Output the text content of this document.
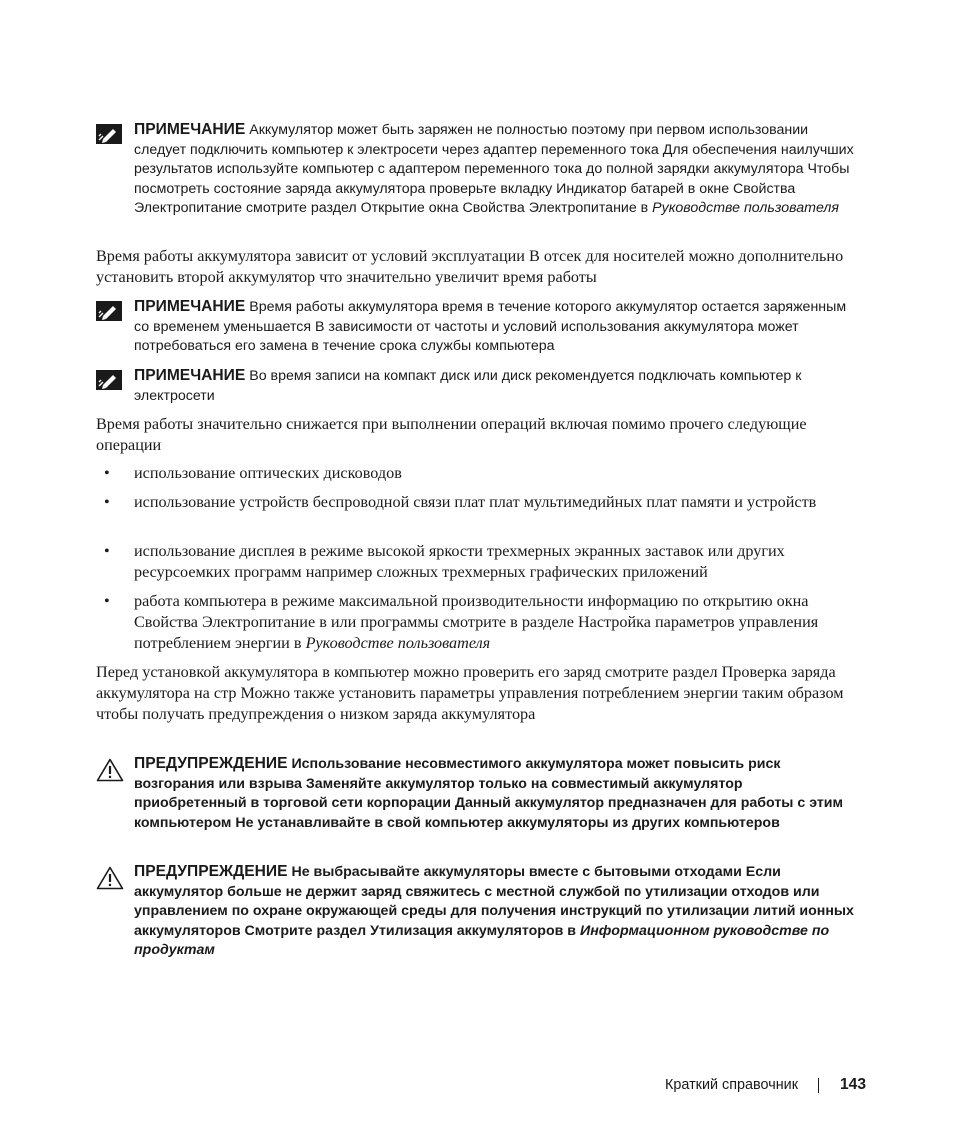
ПРИМЕЧАНИЕ Аккумулятор может быть заряжен не полностью поэтому при первом использовании следует подключить компьютер к электросети через адаптер переменного тока Для обеспечения наилучших результатов используйте компьютер с адаптером переменного тока до полной зарядки аккумулятора Чтобы посмотреть состояние заряда аккумулятора проверьте вкладку Индикатор батарей в окне Свойства Электропитание смотрите раздел Открытие окна Свойства Электропитание в Руководстве пользователя
Время работы аккумулятора зависит от условий эксплуатации В отсек для носителей можно дополнительно установить второй аккумулятор что значительно увеличит время работы
ПРИМЕЧАНИЕ Время работы аккумулятора время в течение которого аккумулятор остается заряженным со временем уменьшается В зависимости от частоты и условий использования аккумулятора может потребоваться его замена в течение срока службы компьютера
ПРИМЕЧАНИЕ Во время записи на компакт диск или диск рекомендуется подключать компьютер к электросети
Время работы значительно снижается при выполнении операций включая помимо прочего следующие операции
• использование оптических дисководов
• использование устройств беспроводной связи плат плат мультимедийных плат памяти и устройств
• использование дисплея в режиме высокой яркости трехмерных экранных заставок или других ресурсоемких программ например сложных трехмерных графических приложений
• работа компьютера в режиме максимальной производительности информацию по открытию окна Свойства Электропитание в или программы смотрите в разделе Настройка параметров управления потреблением энергии в Руководстве пользователя
Перед установкой аккумулятора в компьютер можно проверить его заряд смотрите раздел Проверка заряда аккумулятора на стр Можно также установить параметры управления потреблением энергии таким образом чтобы получать предупреждения о низком заряда аккумулятора
ПРЕДУПРЕЖДЕНИЕ Использование несовместимого аккумулятора может повысить риск возгорания или взрыва Заменяйте аккумулятор только на совместимый аккумулятор приобретенный в торговой сети корпорации Данный аккумулятор предназначен для работы с этим компьютером Не устанавливайте в свой компьютер аккумуляторы из других компьютеров
ПРЕДУПРЕЖДЕНИЕ Не выбрасывайте аккумуляторы вместе с бытовыми отходами Если аккумулятор больше не держит заряд свяжитесь с местной службой по утилизации отходов или управлением по охране окружающей среды для получения инструкций по утилизации литий ионных аккумуляторов Смотрите раздел Утилизация аккумуляторов в Информационном руководстве по продуктам
Краткий справочник	143
